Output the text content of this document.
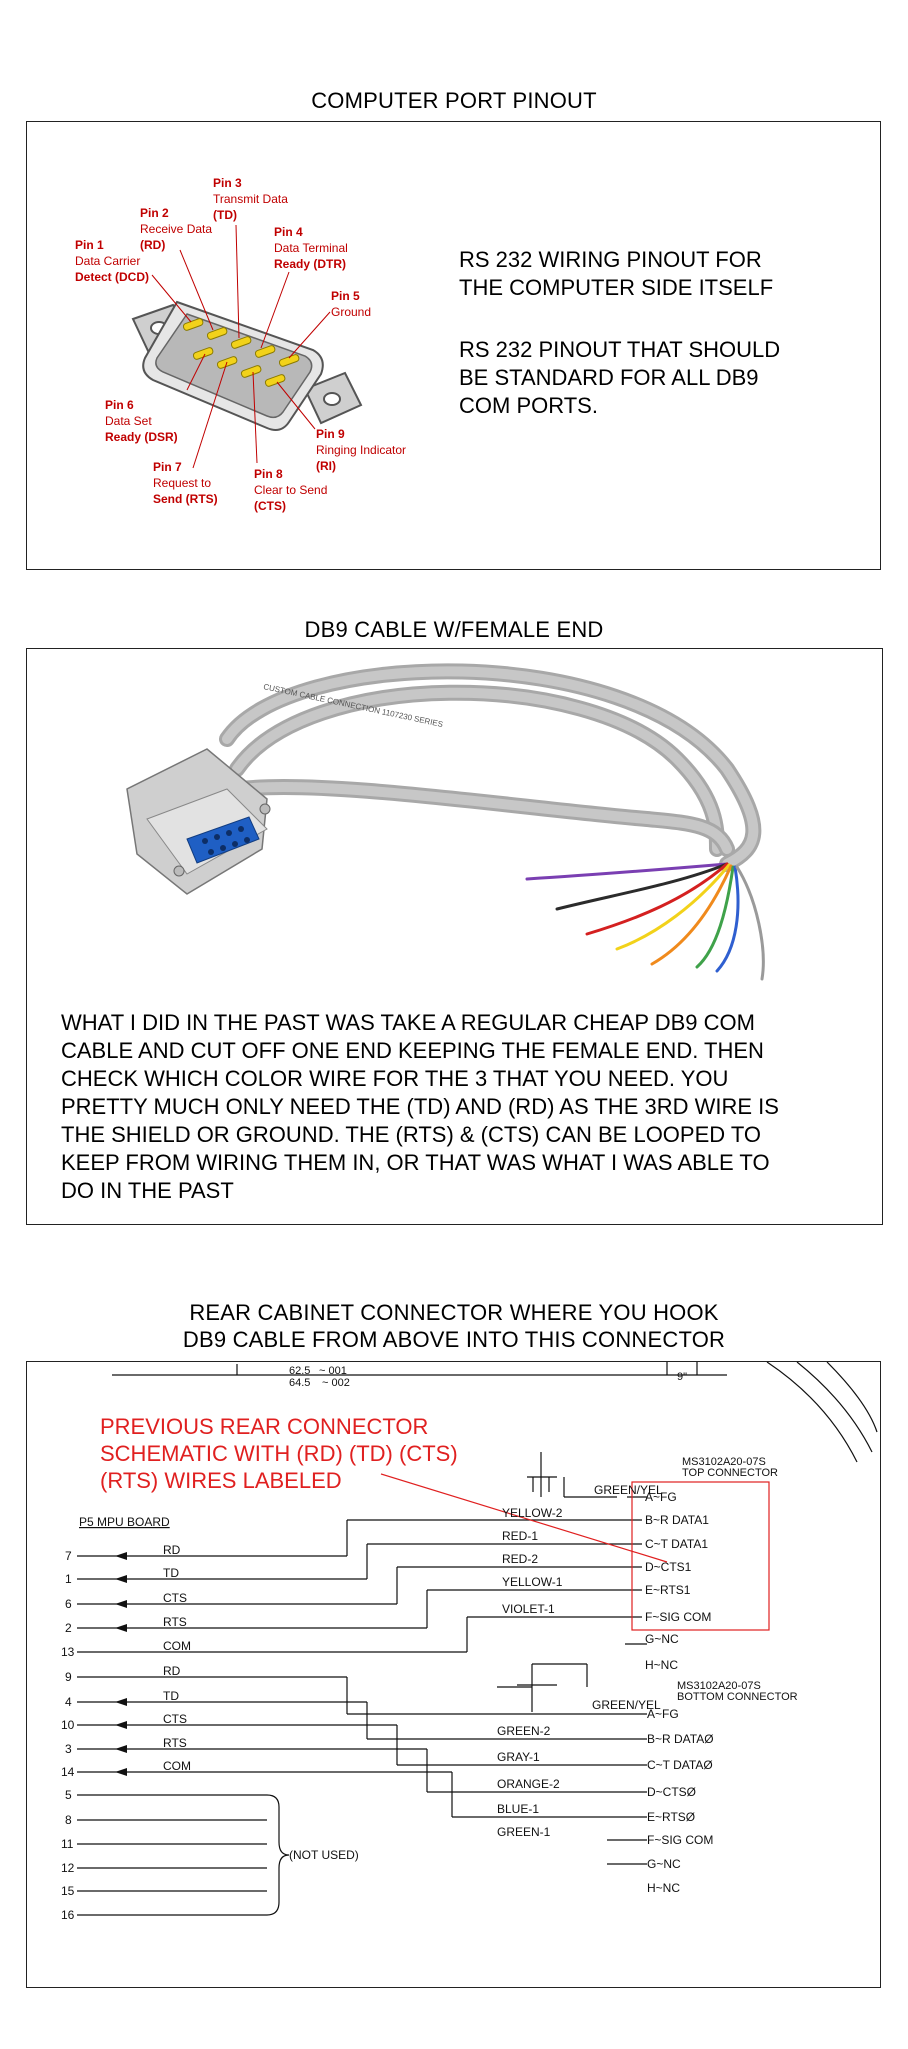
COMPUTER PORT PINOUT
Pin 1
Data Carrier
Detect (DCD)
Pin 2
Receive Data
(RD)
Pin 3
Transmit Data
(TD)
Pin 4
Data Terminal
Ready (DTR)
Pin 5
Ground
Pin 6
Data Set
Ready (DSR)
Pin 7
Request to
Send (RTS)
Pin 8
Clear to Send
(CTS)
Pin 9
Ringing Indicator
(RI)
RS 232 WIRING PINOUT FOR
THE COMPUTER SIDE ITSELF
RS 232 PINOUT THAT SHOULD
BE STANDARD FOR ALL DB9
COM PORTS.
DB9 CABLE W/FEMALE END
CUSTOM CABLE CONNECTION 1107230 SERIES
WHAT I DID IN THE PAST WAS TAKE A REGULAR CHEAP DB9 COM
CABLE AND CUT OFF ONE END KEEPING THE FEMALE END. THEN
CHECK WHICH COLOR WIRE FOR THE 3 THAT YOU NEED. YOU
PRETTY MUCH ONLY NEED THE (TD) AND (RD) AS THE 3RD WIRE IS
THE SHIELD OR GROUND. THE (RTS) & (CTS) CAN BE LOOPED TO
KEEP FROM WIRING THEM IN, OR THAT WAS WHAT I WAS ABLE TO
DO IN THE PAST
REAR CABINET CONNECTOR WHERE YOU HOOK
DB9 CABLE FROM ABOVE INTO THIS CONNECTOR
62.5
64.5 ~ 002
~ 001	9"
PREVIOUS REAR CONNECTOR
SCHEMATIC WITH (RD) (TD) (CTS)
(RTS) WIRES LABELED
P5 MPU BOARD
MS3102A20-07S
TOP CONNECTOR
MS3102A20-07S
BOTTOM CONNECTOR
GREEN/YEL
GREEN/YEL
A~FG
B~R DATA1
C~T DATA1
D~CTS1
E~RTS1
F~SIG COM
G~NC
H~NC
A~FG
B~R DATAØ
C~T DATAØ
D~CTSØ
E~RTSØ
F~SIG COM
G~NC
H~NC
YELLOW-2
RED-1
RED-2
YELLOW-1
VIOLET-1
GREEN-2
GRAY-1
ORANGE-2
BLUE-1
GREEN-1
7
1
6
2
13
9
4
10
3
14
5
8
11
12
15
16
RD
TD
CTS
RTS
COM
RD
TD
CTS
RTS
COM
(NOT USED)
